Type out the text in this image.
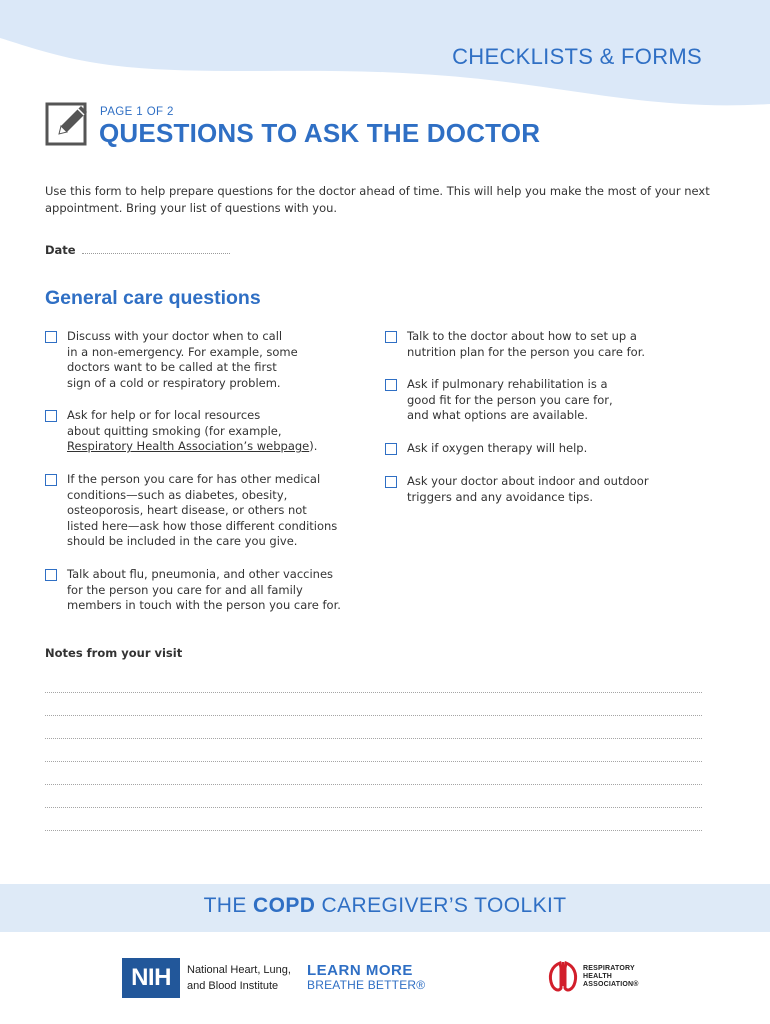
CHECKLISTS & FORMS
PAGE 1 OF 2
QUESTIONS TO ASK THE DOCTOR
Use this form to help prepare questions for the doctor ahead of time. This will help you make the most of your next appointment. Bring your list of questions with you.
Date
General care questions
Discuss with your doctor when to call
in a non-emergency. For example, some
doctors want to be called at the first
sign of a cold or respiratory problem.
Ask for help or for local resources
about quitting smoking (for example,
Respiratory Health Association’s webpage).
If the person you care for has other medical
conditions—such as diabetes, obesity,
osteoporosis, heart disease, or others not
listed here—ask how those different conditions
should be included in the care you give.
Talk about flu, pneumonia, and other vaccines
for the person you care for and all family
members in touch with the person you care for.
Talk to the doctor about how to set up a
nutrition plan for the person you care for.
Ask if pulmonary rehabilitation is a
good fit for the person you care for,
and what options are available.
Ask if oxygen therapy will help.
Ask your doctor about indoor and outdoor
triggers and any avoidance tips.
Notes from your visit
THE COPD CAREGIVER’S TOOLKIT
NIH	National Heart, Lung,
and Blood Institute
LEARN MORE
BREATHE BETTER®
RESPIRATORY
HEALTH
ASSOCIATION®
